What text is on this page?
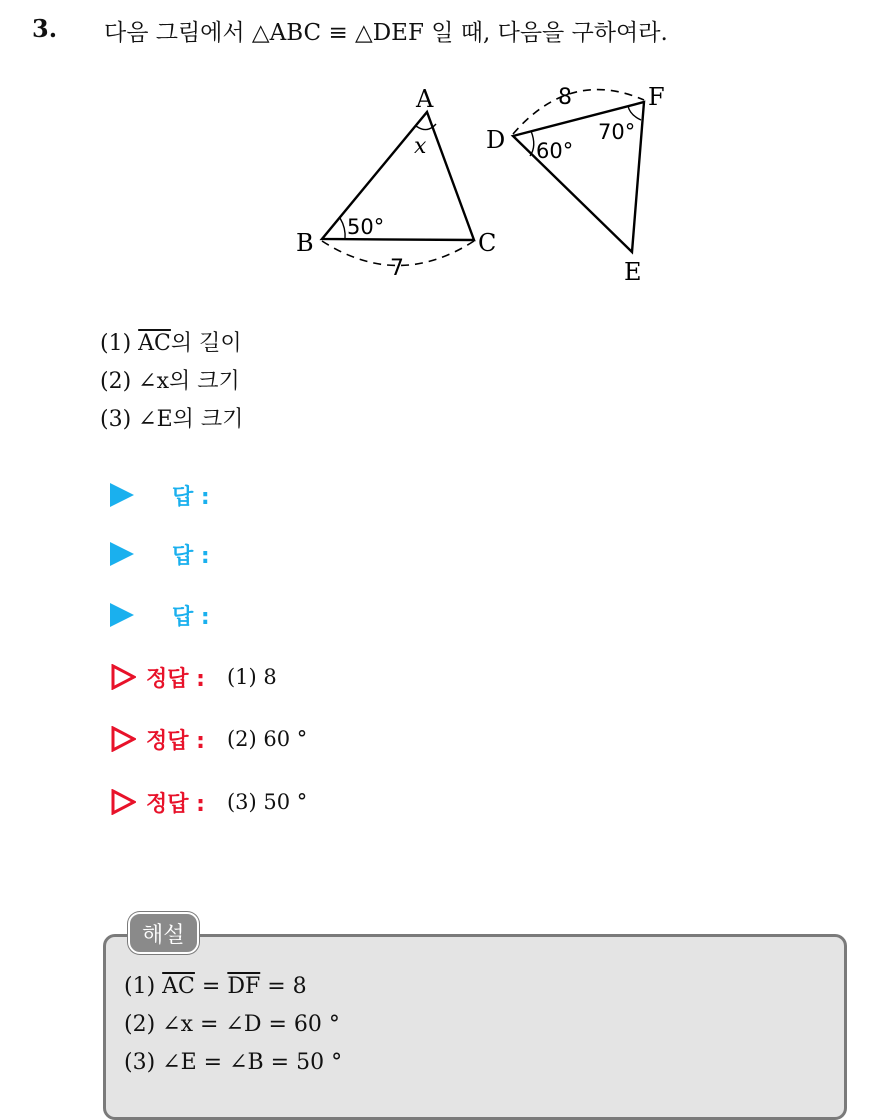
3. 다음 그림에서 △ABC ≡ △DEF 일 때, 다음을 구하여라.
A
B	C
x
50°
7
D
F
E
60°
70°
8
(1) $\overline{AC}$의 길이
(2) ∠x의 크기
(3) ∠E의 크기
답 :
답 :
답 :
정답 : (1) 8
정답 : (2) 60 °
정답 : (3) 50 °
해설
(1) $\overline{AC} = \overline{DF} = 8$
(2) ∠x = ∠D = 60 °
(3) ∠E = ∠B = 50 °
